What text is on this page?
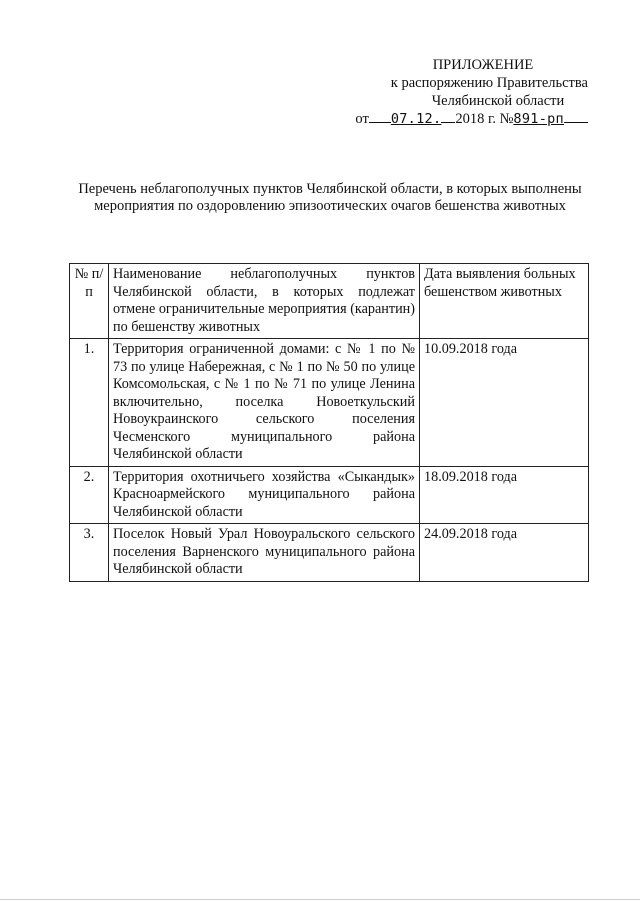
ПРИЛОЖЕНИЕ
к распоряжению Правительства
Челябинской области
от 07.12. 2018 г. №891-рп
Перечень неблагополучных пунктов Челябинской области, в которых выполнены мероприятия по оздоровлению эпизоотических очагов бешенства животных
№ п/п	Наименование неблагополучных пунктов Челябинской области, в которых подлежат отмене ограничительные мероприятия (карантин) по бешенству животных	Дата выявления больных бешенством животных
1.	Территория ограниченной домами: с № 1 по № 73 по улице Набережная, с № 1 по № 50 по улице Комсомольская, с № 1 по № 71 по улице Ленина включительно, поселка Новоеткульский Новоукраинского сельского поселения Чесменского муниципального района Челябинской области	10.09.2018 года
2.	Территория охотничьего хозяйства «Сыкандык» Красноармейского муниципального района Челябинской области	18.09.2018 года
3.	Поселок Новый Урал Новоуральского сельского поселения Варненского муниципального района Челябинской области	24.09.2018 года
